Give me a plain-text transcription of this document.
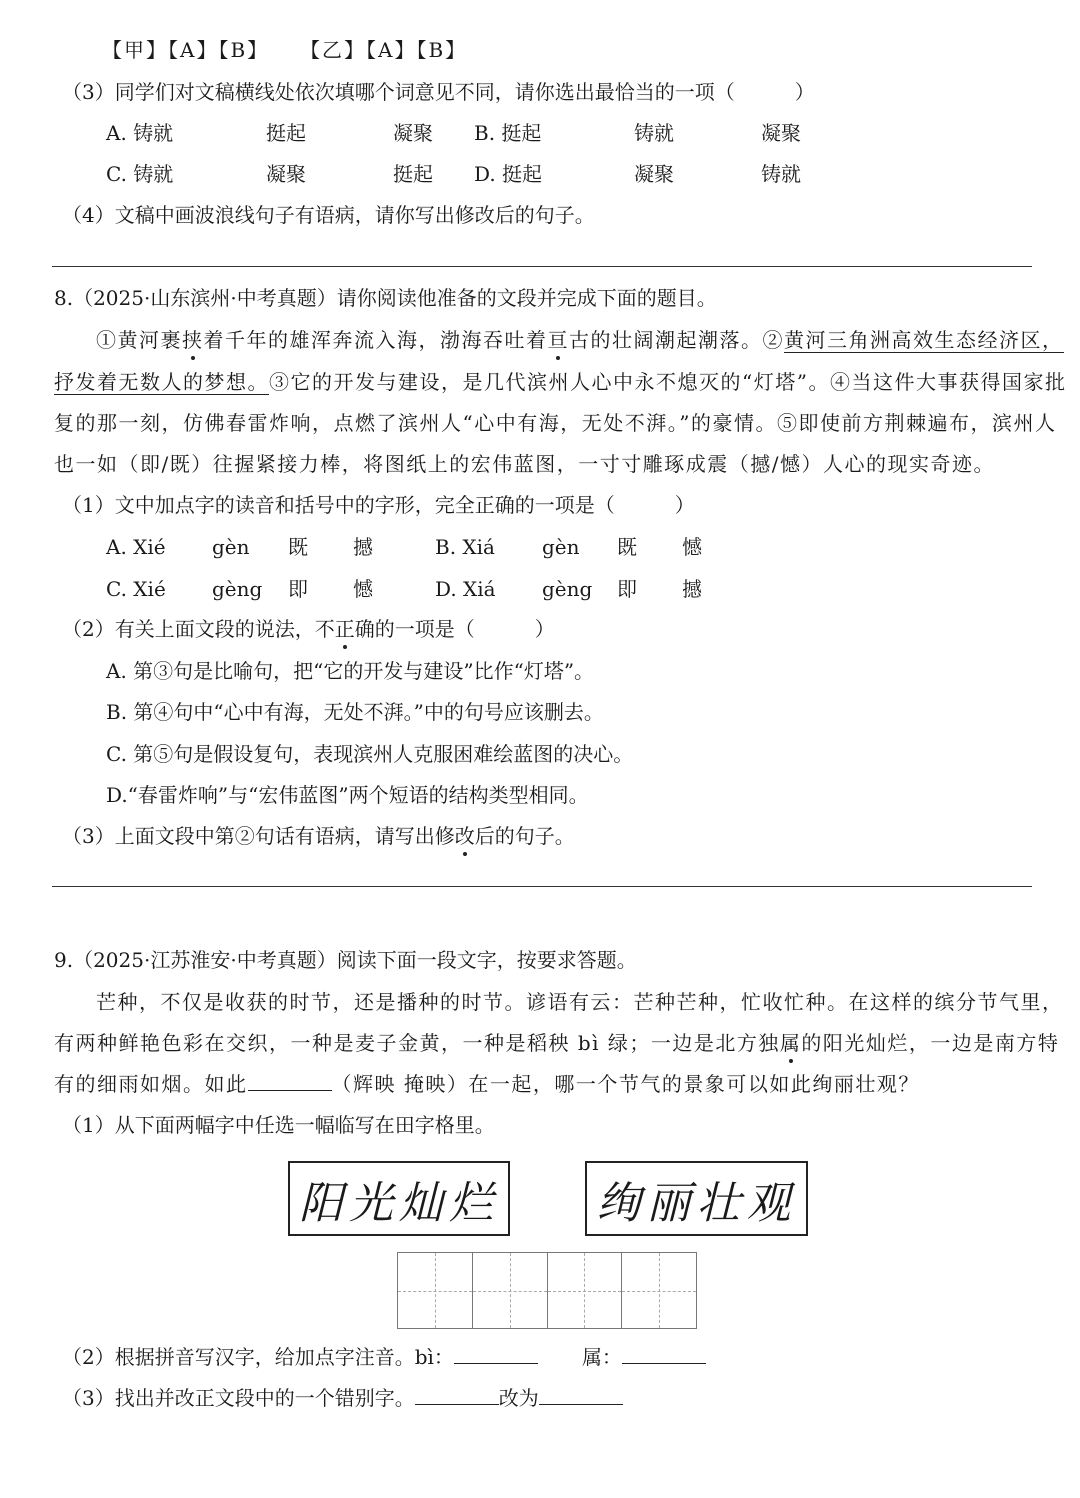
【甲】【A】【B】 【乙】【A】【B】
（3）同学们对文稿横线处依次填哪个词意见不同，请你选出最恰当的一项（　　　）
A. 铸就	挺起	凝聚 B. 挺起	铸就	凝聚
C. 铸就	凝聚	挺起 D. 挺起	凝聚	铸就
（4）文稿中画波浪线句子有语病，请你写出修改后的句子。
8.（2025·山东滨州·中考真题）请你阅读他准备的文段并完成下面的题目。
①黄河裹挟着千年的雄浑奔流入海，渤海吞吐着亘古的壮阔潮起潮落。②黄河三角洲高效生态经济区，
抒发着无数人的梦想。③它的开发与建设，是几代滨州人心中永不熄灭的“灯塔”。④当这件大事获得国家批
复的那一刻，仿佛春雷炸响，点燃了滨州人“心中有海，无处不湃。”的豪情。⑤即使前方荆棘遍布，滨州人
也一如（即/既）往握紧接力棒，将图纸上的宏伟蓝图，一寸寸雕琢成震（撼/憾）人心的现实奇迹。
（1）文中加点字的读音和括号中的字形，完全正确的一项是（　　　）
A. Xié gèn 既 撼	B. Xiá gèn 既 憾
C. Xié gèng 即 憾	D. Xiá gèng 即 撼
（2）有关上面文段的说法，不正确的一项是（　　　）
A. 第③句是比喻句，把“它的开发与建设”比作“灯塔”。
B. 第④句中“心中有海，无处不湃。”中的句号应该删去。
C. 第⑤句是假设复句，表现滨州人克服困难绘蓝图的决心。
D.“春雷炸响”与“宏伟蓝图”两个短语的结构类型相同。
（3）上面文段中第②句话有语病，请写出修改后的句子。
9.（2025·江苏淮安·中考真题）阅读下面一段文字，按要求答题。
芒种，不仅是收获的时节，还是播种的时节。谚语有云：芒种芒种，忙收忙种。在这样的缤分节气里，
有两种鲜艳色彩在交织，一种是麦子金黄，一种是稻秧 bì 绿；一边是北方独属的阳光灿烂，一边是南方特
有的细雨如烟。如此	（辉映 掩映）在一起，哪一个节气的景象可以如此绚丽壮观？
（1）从下面两幅字中任选一幅临写在田字格里。
阳光灿烂 绚丽壮观
（2）根据拼音写汉字，给加点字注音。bì：	属：
（3）找出并改正文段中的一个错别字。	改为
